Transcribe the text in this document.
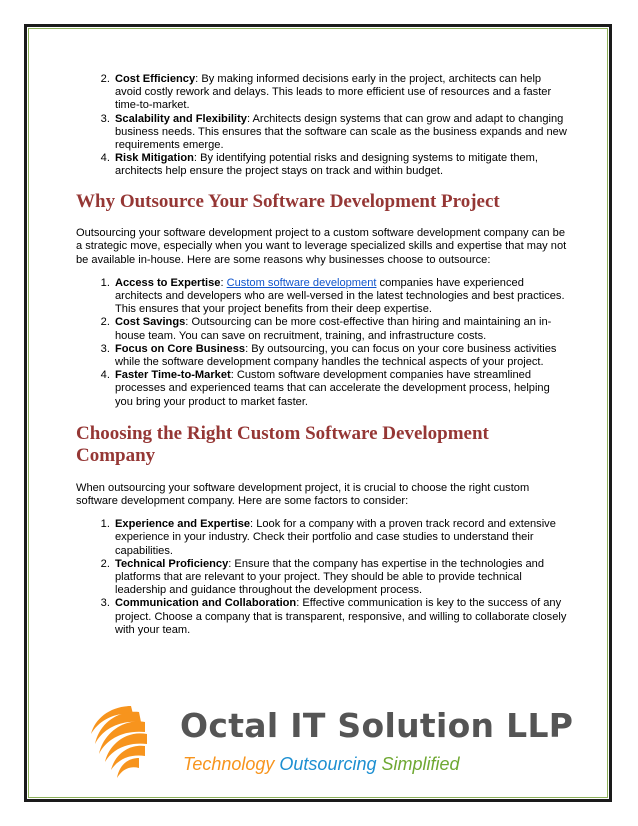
2. Cost Efficiency: By making informed decisions early in the project, architects can help avoid costly rework and delays. This leads to more efficient use of resources and a faster time-to-market.
3. Scalability and Flexibility: Architects design systems that can grow and adapt to changing business needs. This ensures that the software can scale as the business expands and new requirements emerge.
4. Risk Mitigation: By identifying potential risks and designing systems to mitigate them, architects help ensure the project stays on track and within budget.
Why Outsource Your Software Development Project

Outsourcing your software development project to a custom software development company can be a strategic move, especially when you want to leverage specialized skills and expertise that may not be available in-house. Here are some reasons why businesses choose to outsource:

1. Access to Expertise: Custom software development companies have experienced architects and developers who are well-versed in the latest technologies and best practices. This ensures that your project benefits from their deep expertise.
2. Cost Savings: Outsourcing can be more cost-effective than hiring and maintaining an in-house team. You can save on recruitment, training, and infrastructure costs.
3. Focus on Core Business: By outsourcing, you can focus on your core business activities while the software development company handles the technical aspects of your project.
4. Faster Time-to-Market: Custom software development companies have streamlined processes and experienced teams that can accelerate the development process, helping you bring your product to market faster.
Choosing the Right Custom Software Development Company

When outsourcing your software development project, it is crucial to choose the right custom software development company. Here are some factors to consider:

1. Experience and Expertise: Look for a company with a proven track record and extensive experience in your industry. Check their portfolio and case studies to understand their capabilities.
2. Technical Proficiency: Ensure that the company has expertise in the technologies and platforms that are relevant to your project. They should be able to provide technical leadership and guidance throughout the development process.
3. Communication and Collaboration: Effective communication is key to the success of any project. Choose a company that is transparent, responsive, and willing to collaborate closely with your team.
Octal IT Solution LLP
Technology Outsourcing Simplified
